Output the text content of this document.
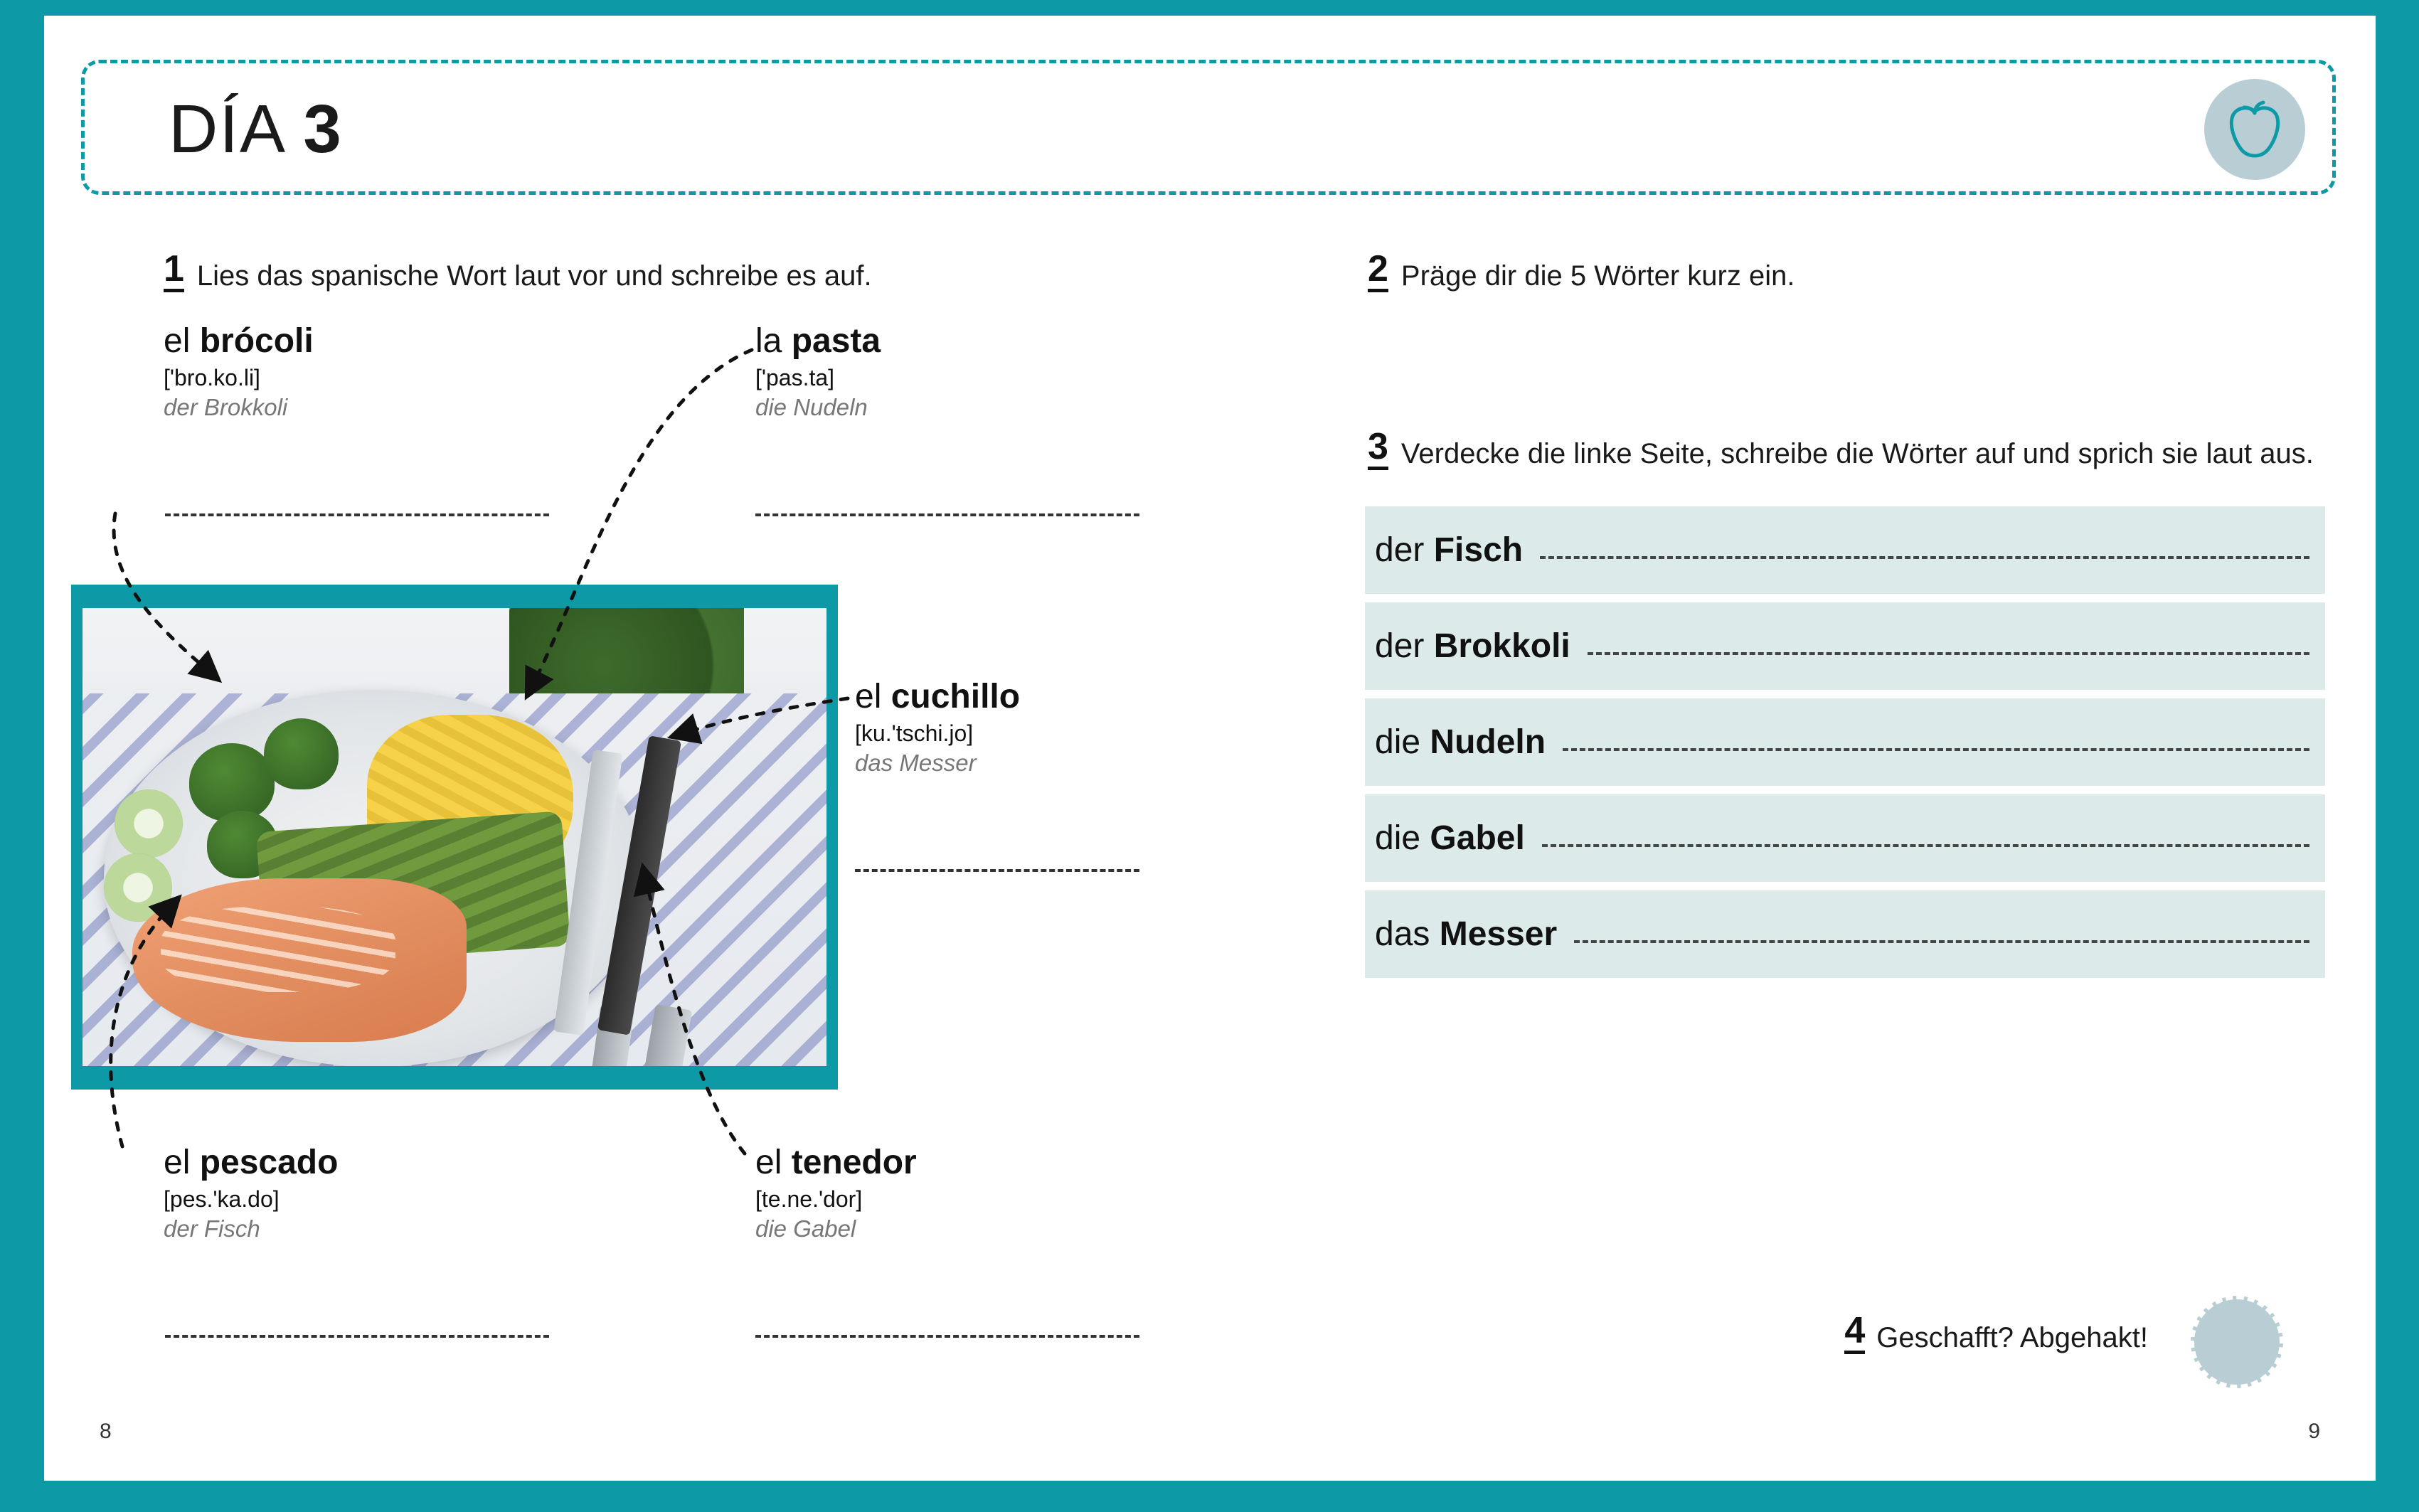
DÍA 3
1 Lies das spanische Wort laut vor und schreibe es auf.
el brócoli
['bro.ko.li]
der Brokkoli
la pasta
['pas.ta]
die Nudeln
el cuchillo
[ku.'tschi.jo]
das Messer
el pescado
[pes.'ka.do]
der Fisch
el tenedor
[te.ne.'dor]
die Gabel
8
2 Präge dir die 5 Wörter kurz ein.
3 Verdecke die linke Seite, schreibe die Wörter auf und sprich sie laut aus.
der Fisch
der Brokkoli
die Nudeln
die Gabel
das Messer
4 Geschafft? Abgehakt!
9
